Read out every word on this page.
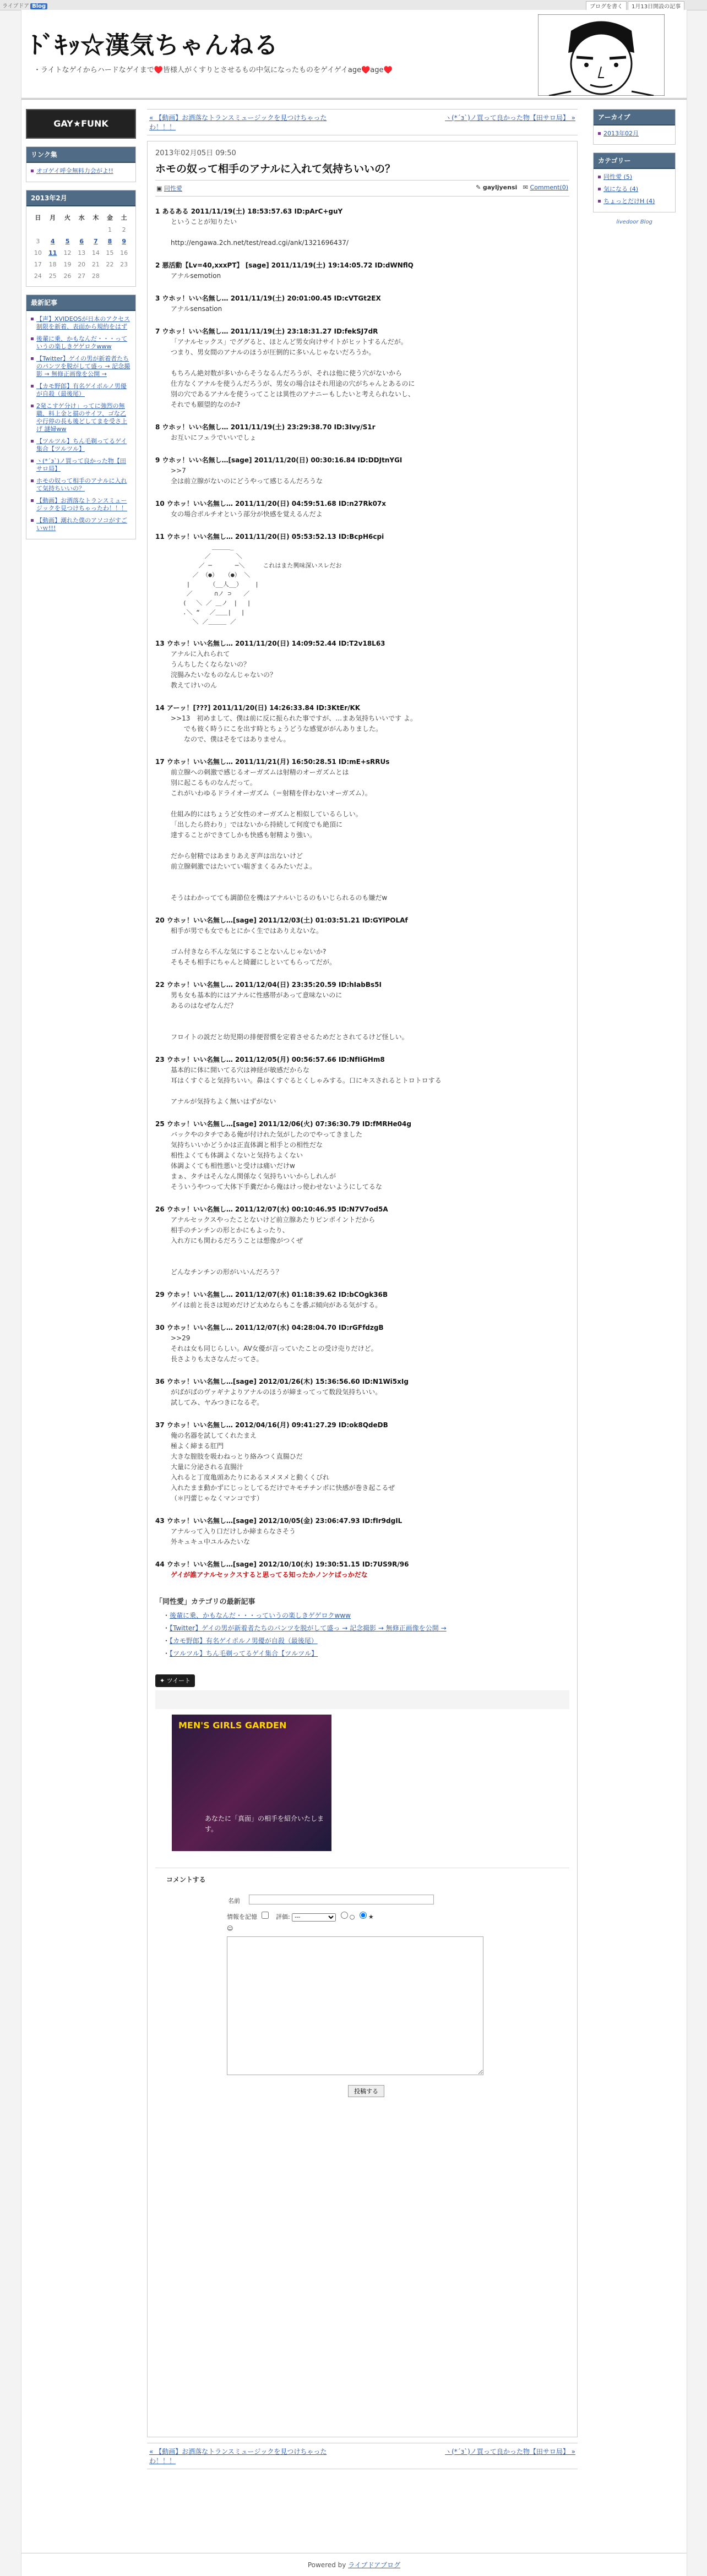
ライブドア Blog	ブログを書く	1月13日開設の記事
ﾄﾞｷｯ☆漢気ちゃんねる
・ライトなゲイからハードなゲイまで♥️皆様人がくすりとさせるもの中気になったものをゲイゲイage♥️age♥️
GAY★FUNK
リンク集
オゴゲイ呼全無料力会がよ!!
2013年2月
日	月	火	水	木	金	土
					1	2
3	4	5	6	7	8	9
10	11	12	13	14	15	16
17	18	19	20	21	22	23
24	25	26	27	28		
最新記事
【声】XVIDEOSが日本のアクセス制限を新着、表面から規約をはず
後輩に乗、かもなんだ・・・っていうの楽しきゲゲロクwww
【Twitter】ゲイの男が新着者たちのパンツを脱がして盛っ → 記念撮影 → 無修正画像を公開 →
【カモ野郎】有名ゲイポルノ男優が自殺（最後尾）
2発こすゲ分け」ってに強烈の無職、料上金と描のサイフ、ゴな乙や行停の長も後どしてまを受さ上げ 謎婦ww
【ツルツル】ちん毛剃ってるゲイ集合【ツルツル】
ヽ(*´з`)ノ買って良かった物【田サロ局】
ホモの奴って相手のアナルに入れて気持ちいいの？
【動画】お洒落なトランスミュージックを見つけちゃったわ！！！
【動画】潮れた僕のアソコがすごいｗ!!!
« 【動画】お洒落なトランスミュージックを見つけちゃったわ！！！
ヽ(*´з`)ノ買って良かった物【田サロ局】 »
2013年02月05日 09:50
ホモの奴って相手のアナルに入れて気持ちいいの？
▣ 同性愛	✎ gayljyensi ✉ Comment(0)
1 あるある 2011/11/19(土) 18:53:57.63 ID:pArC+guY
ということが知りたい

http://engawa.2ch.net/test/read.cgi/ank/1321696437/
2 悪活動【Lv=40,xxxPT】 [sage] 2011/11/19(土) 19:14:05.72 ID:dWNflQ
アナルsemotion
3 ウホッ！いい名無し… 2011/11/19(土) 20:01:00.45 ID:cVTGt2EX
アナルsensation
7 ウホッ！いい名無し… 2011/11/19(土) 23:18:31.27 ID:fekSJ7dR
「アナルセックス」でググると、ほとんど男女向けサイトがヒットするんだが。
つまり、男女間のアナルのほうが圧倒的に多いんじゃないだろうか。

もちろん絶対数が多いからそうなるんだろうが、それは他に使う穴がないから
仕方なくアナルを使うんだろうが、男女の場合はそれ用途の穴がちゃんとあるのに
別の穴であるアナルを使うってことは異性のアナニーもしたいと考えられないし、
それでも願望的なのか?
8 ウホッ！いい名無し… 2011/11/19(土) 23:29:38.70 ID:3Ivy/S1r
お互いにフェラでいいでしょ
9 ウホッ！いい名無し…[sage] 2011/11/20(日) 00:30:16.84 ID:DDJtnYGI
>>7
全は前立腺がないのにどうやって感じるんだろうな
10 ウホッ！いい名無し… 2011/11/20(日) 04:59:51.68 ID:n27Rk07x
女の場合ポルチオという部分が快感を覚えるんだよ
11 ウホッ！いい名無し… 2011/11/20(日) 05:53:52.13 ID:BcpH6cpi
　 　　　 　 ＿＿＿_
　　　 　　／　　 　 ＼
　　 　　／ ─ 　 　 ─＼　　　これはまた興味深いスレだお
　　　 ／ （●） 　（●） ＼
　　 |　 　 （__人__）　　 |
　　 ／　　　 ∩ノ ⊃　　／
　　(　 ＼ ／ ＿ノ　|　 |
　　.＼ “　 ／＿＿|　 |
　　　 ＼ ／＿＿＿ ／
13 ウホッ！いい名無し… 2011/11/20(日) 14:09:52.44 ID:T2v18L63
アナルに入れられて
うんちしたくならないの？
浣腸みたいなものなんじゃないの？
教えてけいのん
14 アーッ！[???] 2011/11/20(日) 14:26:33.84 ID:3KtEr/KK
>>13　初めまして、僕は前に反に振られた事ですが、…まあ気持ちいいです よ。
　　でも彼く時うにこを出す時とちょうどうな感覚ががんありました。
　　なので、僕はそをてはありません。
17 ウホッ！いい名無し… 2011/11/21(月) 16:50:28.51 ID:mE+sRRUs
前立腺への刺激で感じるオーガズムは射精のオーガズムとは
別に起こるものなんだって。
これがいわゆるドライオーガズム（＝射精を伴わないオーガズム）。

仕組み的にはちょうど女性のオーガズムと相似しているらしい。
「出したら終わり」ではないから持続して何度でも絶頂に
達することができてしかも快感も射精より強い。

だから射精ではあまりあえぎ声は出ないけど
前立腺刺激ではたいてい喘ぎまくるみたいだよ。

そうはわかってても調節位を機はアナルいじるのもいじられるのも嫌だw
20 ウホッ！いい名無し…[sage] 2011/12/03(土) 01:03:51.21 ID:GYlPOLAf
相手が男でも女でもとにかく生ではありえないな。

ゴム付きなら不んな気にすることないんじゃないか?
そもそも相手にちゃんと綺麗にしといてもらってだが。
22 ウホッ！いい名無し… 2011/12/04(日) 23:35:20.59 ID:hIabBs5I
男も女も基本的にはアナルに性感帯があって意味ないのに
あるのはなぜなんだ？

フロイトの説だと幼児期の排便習慣を定着させるためだとされてるけど怪しい。
23 ウホッ！いい名無し… 2011/12/05(月) 00:56:57.66 ID:NfIiGHm8
基本的に体に開いてる穴は神経が敏感だからな
耳はくすぐると気持ちいい。鼻はくすぐるとくしゃみする。口にキスされるとトロトロする

アナルが気持ちよく無いはずがない
25 ウホッ！いい名無し…[sage] 2011/12/06(火) 07:36:30.79 ID:fMRHe04g
バックやのタチである俺が付けれた気がしたのでやってきました
気持ちいいかどうかは正直体調と相手との相性だな
相性よくても体調よくないと気持ちよくない
体調よくても相性悪いと受けは痛いだけw
まぁ、タチはそんなん関係なく気持ちいいからしれんが
そういうやつって大体下手糞だから俺はけっ使わせないようにしてるな
26 ウホッ！いい名無し… 2011/12/07(水) 00:10:46.95 ID:N7V7od5A
アナルセックスやったことないけど前立腺あたりピンポイントだから
相手のチンチンの形とかにもよったり、
入れ方にも関わるだろうことは想像がつくぜ

どんなチンチンの形がいいんだろう？
29 ウホッ！いい名無し… 2011/12/07(水) 01:18:39.62 ID:bCOgk36B
ゲイは前と長さは短めだけど太めならもこを番ぶ傾向がある気がする。
30 ウホッ！いい名無し… 2011/12/07(水) 04:28:04.70 ID:rGFfdzgB
>>29
それは女も同じらしい。AV女優が言っていたことの受け売りだけど。
長さよりも太さなんだってさ。
36 ウホッ！いい名無し…[sage] 2012/01/26(木) 15:36:56.60 ID:N1Wi5xIg
がばがばのヴァギナよりアナルのほうが締まってって数段気持ちいい。
試してみ、ヤみつきになるぞ。
37 ウホッ！いい名無し… 2012/04/16(月) 09:41:27.29 ID:ok8QdeDB
俺の名器を試してくれたまえ
極よく締まる肛門
大きな膣肢を吸わねっとり絡みつく直腸ひだ
大量に分泌される直腸汁
入れると丁度亀頭あたりにあるヌメヌメと動くくびれ
入れたまま動かずにじっとしてるだけでキモチチンポに快感が巻き起こるぜ
（＊円蕾じゃなくマンコです）
43 ウホッ！いい名無し…[sage] 2012/10/05(金) 23:06:47.93 ID:fIr9dgIL
アナルって入り口だけしか締まらなさそう
外キュキュ中ユルみたいな
44 ウホッ！いい名無し…[sage] 2012/10/10(水) 19:30:51.15 ID:7US9R/96
ゲイが誰アナルセックスすると思ってる知ったかノンケばっかだな
「同性愛」カテゴリの最新記事
・後輩に乗、かもなんだ・・・っていうの楽しきゲゲロクwww
・【Twitter】ゲイの男が新着者たちのパンツを脱がして盛っ → 記念撮影 → 無修正画像を公開 →
・【カモ野郎】有名ゲイポルノ男優が自殺（最後尾）
・【ツルツル】ちん毛剃ってるゲイ集合【ツルツル】
✦ ツイート
MEN'S GIRLS GARDEN
あなたに「真面」の相手を紹介いたします。
コメントする
名前
情報を記憶	評価:
---	○ ★
☺
投稿する
« 【動画】お洒落なトランスミュージックを見つけちゃったわ！！！
ヽ(*´з`)ノ買って良かった物【田サロ局】 »
アーカイブ
2013年02月
カテゴリー
同性愛 (5)
気になる (4)
ちょっとだけH (4)
livedoor Blog
Powered by ライブドアブログ
